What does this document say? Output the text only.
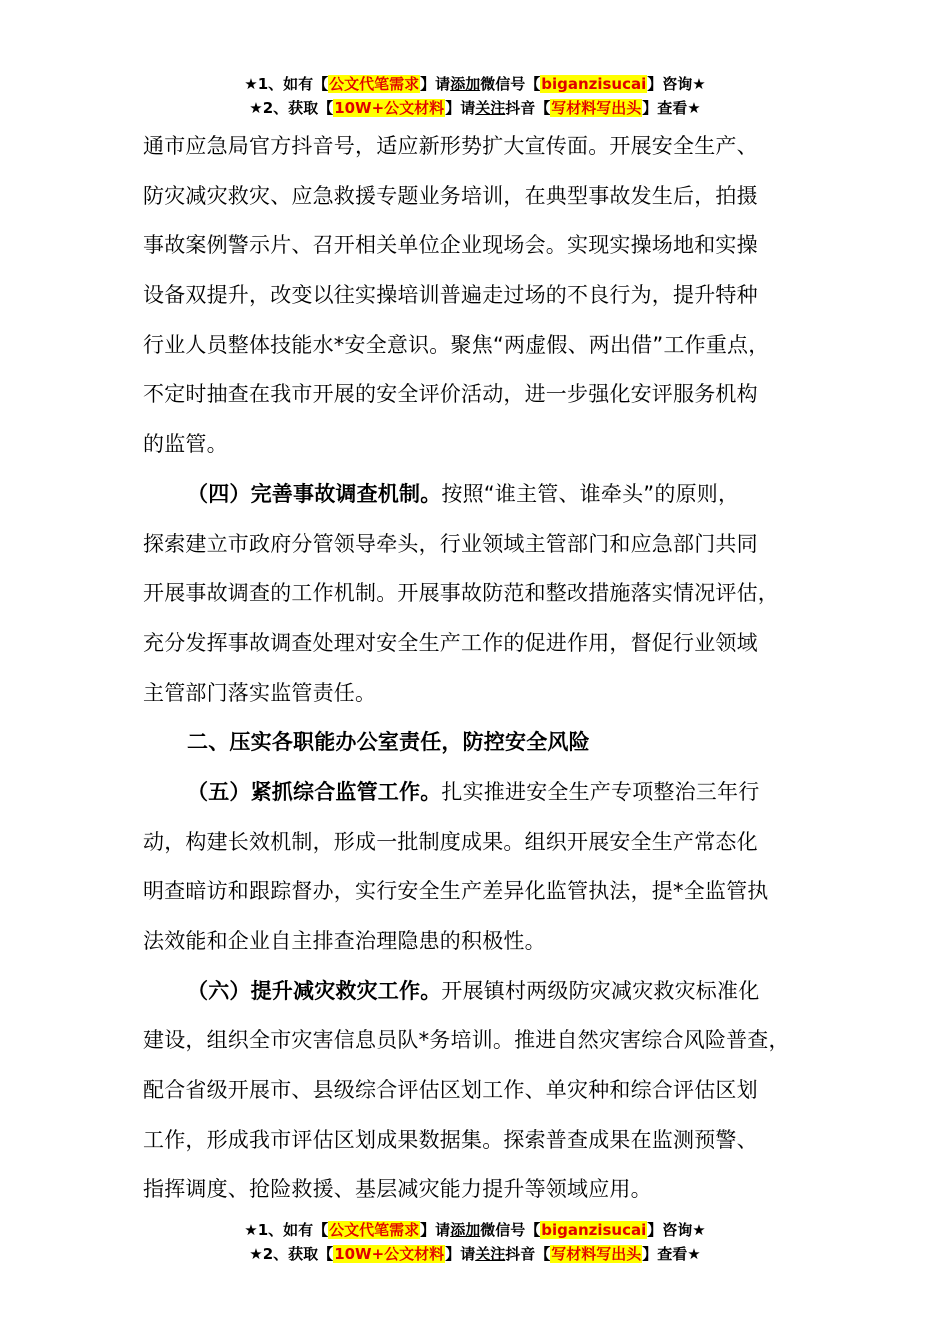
★1、如有【公文代笔需求】请添加微信号【biganzisucai】咨询★
★2、获取【10W+公文材料】请关注抖音【写材料写出头】查看★
通市应急局官方抖音号，适应新形势扩大宣传面。开展安全生产、
防灾减灾救灾、应急救援专题业务培训，在典型事故发生后，拍摄
事故案例警示片、召开相关单位企业现场会。实现实操场地和实操
设备双提升，改变以往实操培训普遍走过场的不良行为，提升特种
行业人员整体技能水*安全意识。聚焦“两虚假、两出借”工作重点，
不定时抽查在我市开展的安全评价活动，进一步强化安评服务机构
的监管。
（四）完善事故调查机制。按照“谁主管、谁牵头”的原则，
探索建立市政府分管领导牵头，行业领域主管部门和应急部门共同
开展事故调查的工作机制。开展事故防范和整改措施落实情况评估，
充分发挥事故调查处理对安全生产工作的促进作用，督促行业领域
主管部门落实监管责任。
二、压实各职能办公室责任，防控安全风险
（五）紧抓综合监管工作。扎实推进安全生产专项整治三年行
动，构建长效机制，形成一批制度成果。组织开展安全生产常态化
明查暗访和跟踪督办，实行安全生产差异化监管执法，提*全监管执
法效能和企业自主排查治理隐患的积极性。
（六）提升减灾救灾工作。开展镇村两级防灾减灾救灾标准化
建设，组织全市灾害信息员队*务培训。推进自然灾害综合风险普查，
配合省级开展市、县级综合评估区划工作、单灾种和综合评估区划
工作，形成我市评估区划成果数据集。探索普查成果在监测预警、
指挥调度、抢险救援、基层减灾能力提升等领域应用。
★1、如有【公文代笔需求】请添加微信号【biganzisucai】咨询★
★2、获取【10W+公文材料】请关注抖音【写材料写出头】查看★
